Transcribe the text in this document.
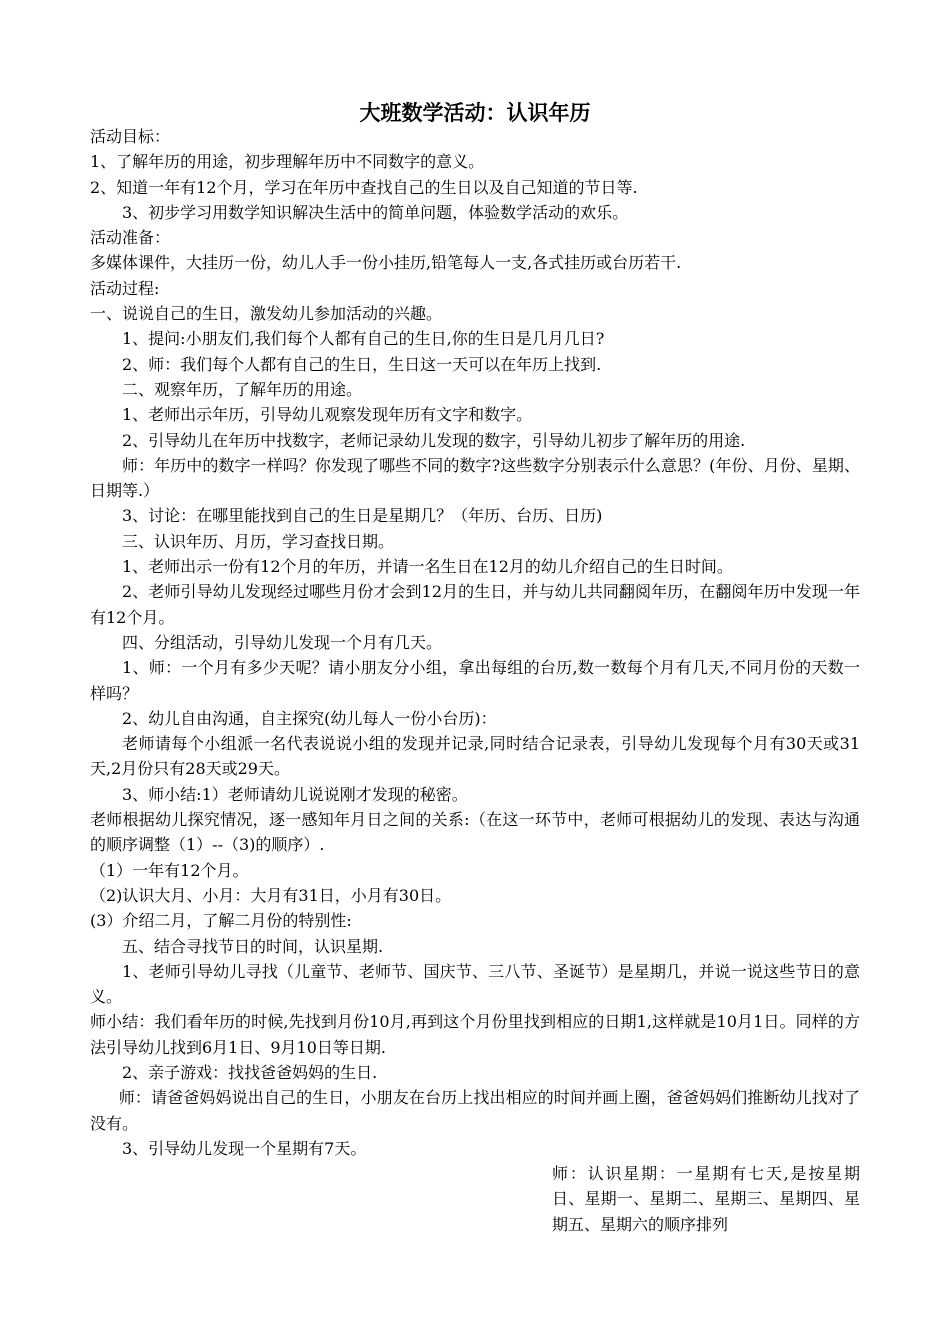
大班数学活动：认识年历

活动目标：

1、了解年历的用途，初步理解年历中不同数字的意义。

2、知道一年有12个月，学习在年历中查找自己的生日以及自己知道的节日等.

3、初步学习用数学知识解决生活中的简单问题，体验数学活动的欢乐。

活动准备：

多媒体课件，大挂历一份，幼儿人手一份小挂历,铅笔每人一支,各式挂历或台历若干.

活动过程:

一、说说自己的生日，激发幼儿参加活动的兴趣。

1、提问:小朋友们,我们每个人都有自己的生日,你的生日是几月几日?

2、师：我们每个人都有自己的生日，生日这一天可以在年历上找到.

二、观察年历，了解年历的用途。

1、老师出示年历，引导幼儿观察发现年历有文字和数字。

2、引导幼儿在年历中找数字，老师记录幼儿发现的数字，引导幼儿初步了解年历的用途.

师：年历中的数字一样吗？你发现了哪些不同的数字?这些数字分别表示什么意思？(年份、月份、星期、日期等.）

3、讨论：在哪里能找到自己的生日是星期几？（年历、台历、日历)

三、认识年历、月历，学习查找日期。

1、老师出示一份有12个月的年历，并请一名生日在12月的幼儿介绍自己的生日时间。

2、老师引导幼儿发现经过哪些月份才会到12月的生日，并与幼儿共同翻阅年历，在翻阅年历中发现一年有12个月。

四、分组活动，引导幼儿发现一个月有几天。

1、师：一个月有多少天呢？请小朋友分小组，拿出每组的台历,数一数每个月有几天,不同月份的天数一样吗？

2、幼儿自由沟通，自主探究(幼儿每人一份小台历)：

老师请每个小组派一名代表说说小组的发现并记录,同时结合记录表，引导幼儿发现每个月有30天或31天,2月份只有28天或29天。

3、师小结:1）老师请幼儿说说刚才发现的秘密。

老师根据幼儿探究情况，逐一感知年月日之间的关系:（在这一环节中，老师可根据幼儿的发现、表达与沟通的顺序调整（1）--（3)的顺序）.

（1）一年有12个月。

（2)认识大月、小月：大月有31日，小月有30日。

(3）介绍二月，了解二月份的特别性:

五、结合寻找节日的时间，认识星期.

1、老师引导幼儿寻找（儿童节、老师节、国庆节、三八节、圣诞节）是星期几，并说一说这些节日的意义。

师小结：我们看年历的时候,先找到月份10月,再到这个月份里找到相应的日期1,这样就是10月1日。同样的方法引导幼儿找到6月1日、9月10日等日期.

2、亲子游戏：找找爸爸妈妈的生日.

师：请爸爸妈妈说出自己的生日，小朋友在台历上找出相应的时间并画上圈，爸爸妈妈们推断幼儿找对了没有。

3、引导幼儿发现一个星期有7天。

师：认识星期：一星期有七天,是按星期日、星期一、星期二、星期三、星期四、星期五、星期六的顺序排列
